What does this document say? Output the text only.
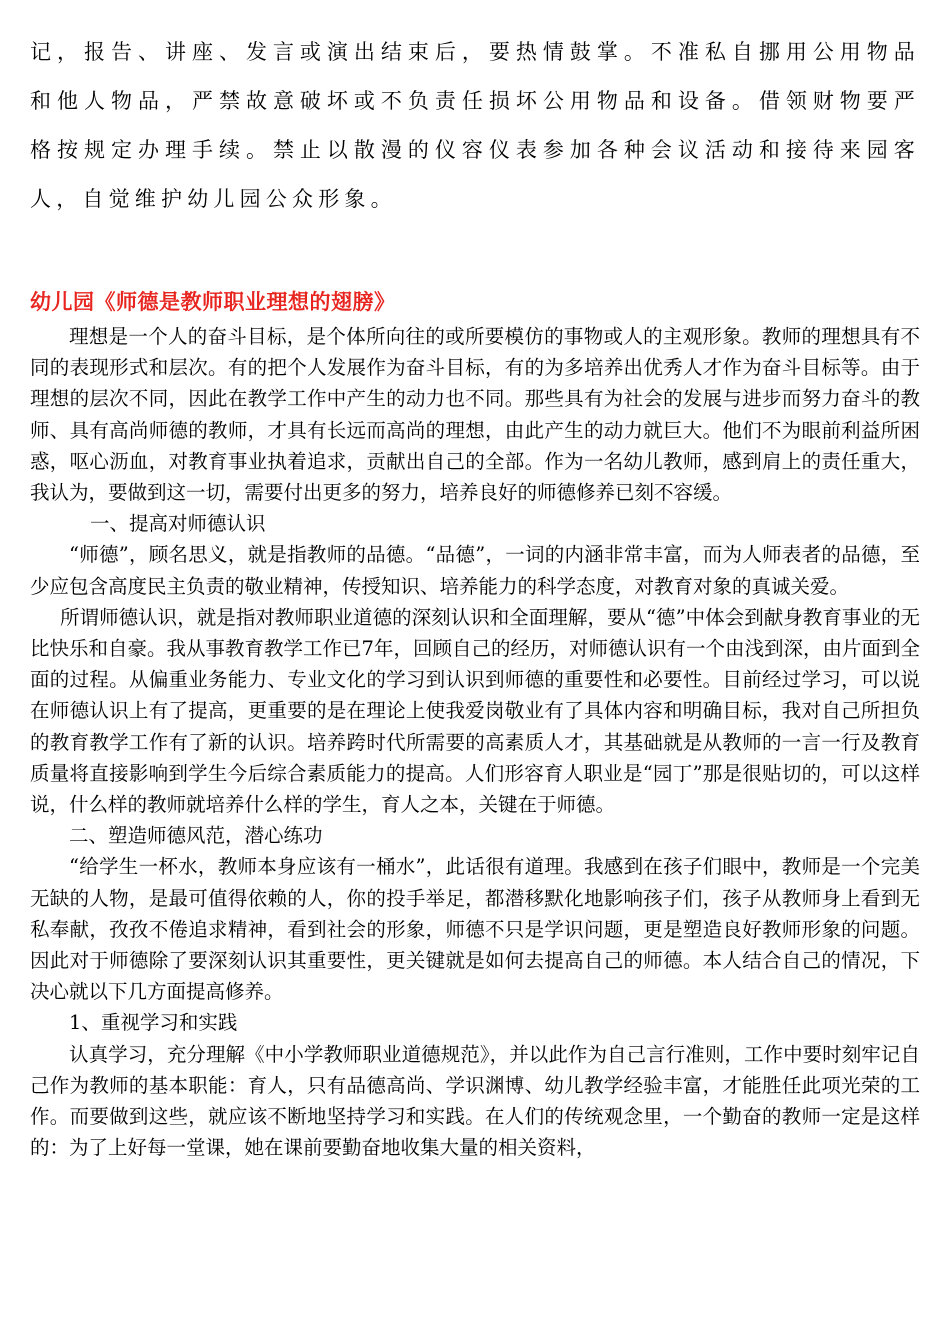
记，报告、讲座、发言或演出结束后，要热情鼓掌。不准私自挪用公用物品和他人物品，严禁故意破坏或不负责任损坏公用物品和设备。借领财物要严格按规定办理手续。禁止以散漫的仪容仪表参加各种会议活动和接待来园客人，自觉维护幼儿园公众形象。

幼儿园《师德是教师职业理想的翅膀》

理想是一个人的奋斗目标，是个体所向往的或所要模仿的事物或人的主观形象。教师的理想具有不同的表现形式和层次。有的把个人发展作为奋斗目标，有的为多培养出优秀人才作为奋斗目标等。由于理想的层次不同，因此在教学工作中产生的动力也不同。那些具有为社会的发展与进步而努力奋斗的教师、具有高尚师德的教师，才具有长远而高尚的理想，由此产生的动力就巨大。他们不为眼前利益所困惑，呕心沥血，对教育事业执着追求，贡献出自己的全部。作为一名幼儿教师，感到肩上的责任重大，我认为，要做到这一切，需要付出更多的努力，培养良好的师德修养已刻不容缓。

一、提高对师德认识

“师德”，顾名思义，就是指教师的品德。“品德”，一词的内涵非常丰富，而为人师表者的品德，至少应包含高度民主负责的敬业精神，传授知识、培养能力的科学态度，对教育对象的真诚关爱。

所谓师德认识，就是指对教师职业道德的深刻认识和全面理解，要从“德”中体会到献身教育事业的无比快乐和自豪。我从事教育教学工作已7年，回顾自己的经历，对师德认识有一个由浅到深，由片面到全面的过程。从偏重业务能力、专业文化的学习到认识到师德的重要性和必要性。目前经过学习，可以说在师德认识上有了提高，更重要的是在理论上使我爱岗敬业有了具体内容和明确目标，我对自己所担负的教育教学工作有了新的认识。培养跨时代所需要的高素质人才，其基础就是从教师的一言一行及教育质量将直接影响到学生今后综合素质能力的提高。人们形容育人职业是“园丁”那是很贴切的，可以这样说，什么样的教师就培养什么样的学生，育人之本，关键在于师德。

二、塑造师德风范，潜心练功

“给学生一杯水，教师本身应该有一桶水”，此话很有道理。我感到在孩子们眼中，教师是一个完美无缺的人物，是最可值得依赖的人，你的投手举足，都潜移默化地影响孩子们，孩子从教师身上看到无私奉献，孜孜不倦追求精神，看到社会的形象，师德不只是学识问题，更是塑造良好教师形象的问题。因此对于师德除了要深刻认识其重要性，更关键就是如何去提高自己的师德。本人结合自己的情况，下决心就以下几方面提高修养。

1、重视学习和实践

认真学习，充分理解《中小学教师职业道德规范》，并以此作为自己言行准则，工作中要时刻牢记自己作为教师的基本职能：育人，只有品德高尚、学识渊博、幼儿教学经验丰富，才能胜任此项光荣的工作。而要做到这些，就应该不断地坚持学习和实践。在人们的传统观念里，一个勤奋的教师一定是这样的：为了上好每一堂课，她在课前要勤奋地收集大量的相关资料，
